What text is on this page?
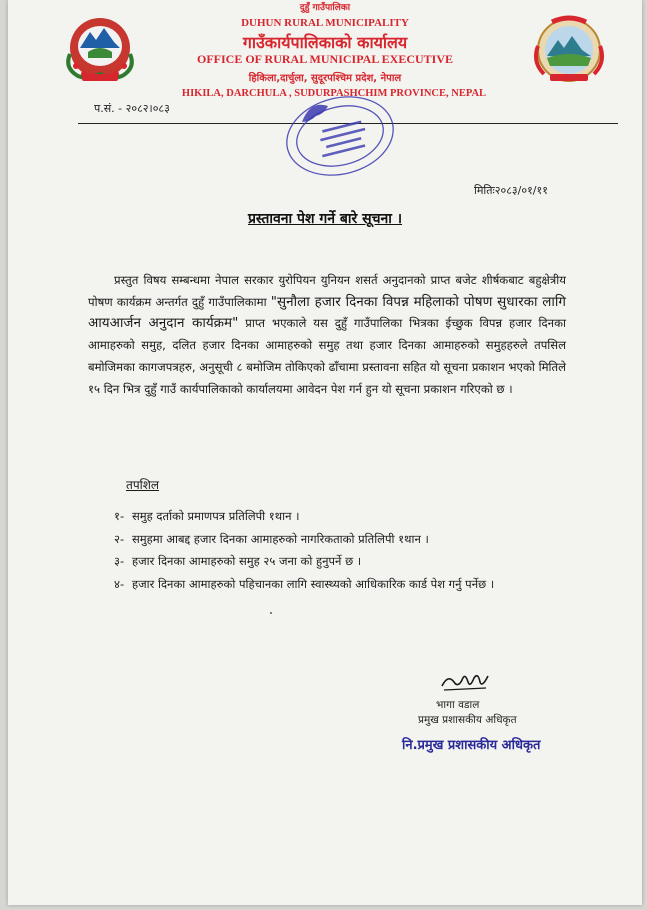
दुहुँ गाउँपालिका
DUHUN RURAL MUNICIPALITY
गाउँकार्यपालिकाको कार्यालय
OFFICE OF RURAL MUNICIPAL EXECUTIVE
हिकिला,दार्चुला, सुदूरपश्चिम प्रदेश, नेपाल
HIKILA, DARCHULA , SUDURPASHCHIM PROVINCE, NEPAL
प.सं. - २०८२।०८३
मितिः२०८३/०१/११
प्रस्तावना पेश गर्ने बारे सूचना ।
प्रस्तुत विषय सम्बन्धमा नेपाल सरकार युरोपियन युनियन शसर्त अनुदानको प्राप्त बजेट शीर्षकबाट बहुक्षेत्रीय पोषण कार्यक्रम अन्तर्गत दुहुँ गाउँपालिकामा "सुनौला हजार दिनका विपन्न महिलाको पोषण सुधारका लागि आयआर्जन अनुदान कार्यक्रम" प्राप्त भएकाले यस दुहुँ गाउँपालिका भित्रका ईच्छुक विपन्न हजार दिनका आमाहरुको समुह, दलित हजार दिनका आमाहरुको समुह तथा हजार दिनका आमाहरुको समुहहरुले तपसिल बमोजिमका कागजपत्रहरु, अनुसूची ८ बमोजिम तोकिएको ढाँचामा प्रस्तावना सहित यो सूचना प्रकाशन भएको मितिले १५ दिन भित्र दुहुँ गाउँ कार्यपालिकाको कार्यालयमा आवेदन पेश गर्न हुन यो सूचना प्रकाशन गरिएको छ ।
तपशिल
१- समुह दर्ताको प्रमाणपत्र प्रतिलिपी १थान ।
२- समुहमा आबद्द हजार दिनका आमाहरुको नागरिकताको प्रतिलिपी १थान ।
३- हजार दिनका आमाहरुको समुह २५ जना को हुनुपर्ने छ ।
४- हजार दिनका आमाहरुको पहिचानका लागि स्वास्थ्यको आधिकारिक कार्ड पेश गर्नु पर्नेछ ।
भागा वडाल
प्रमुख प्रशासकीय अधिकृत
नि.प्रमुख प्रशासकीय अधिकृत
